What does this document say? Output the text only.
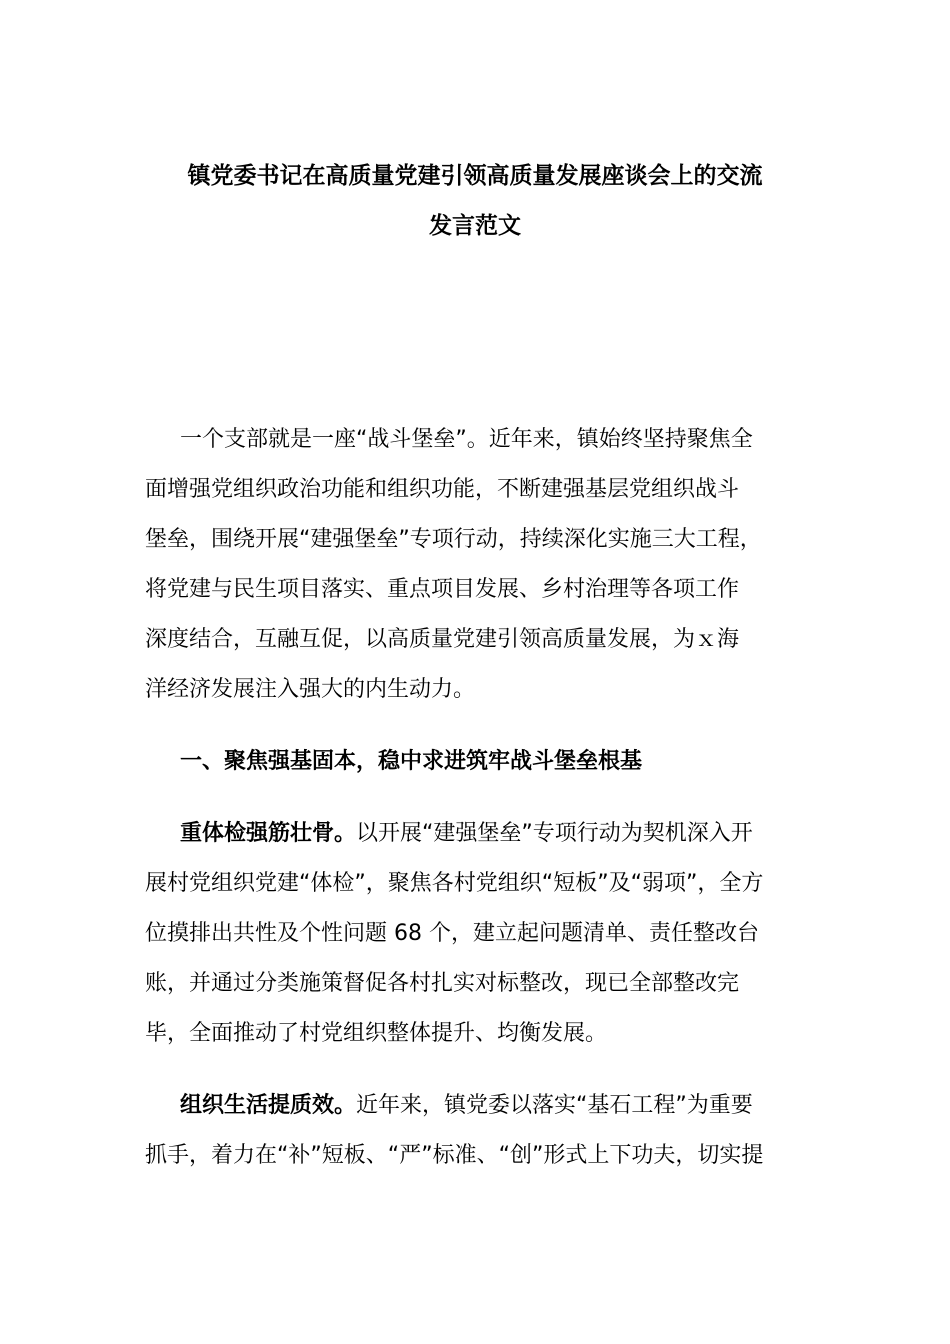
镇党委书记在高质量党建引领高质量发展座谈会上的交流
发言范文
一个支部就是一座“战斗堡垒”。近年来，镇始终坚持聚焦全
面增强党组织政治功能和组织功能，不断建强基层党组织战斗
堡垒，围绕开展“建强堡垒”专项行动，持续深化实施三大工程，
将党建与民生项目落实、重点项目发展、乡村治理等各项工作
深度结合，互融互促，以高质量党建引领高质量发展，为ｘ海
洋经济发展注入强大的内生动力。
一、聚焦强基固本，稳中求进筑牢战斗堡垒根基
重体检强筋壮骨。以开展“建强堡垒”专项行动为契机深入开
展村党组织党建“体检”，聚焦各村党组织“短板”及“弱项”，全方
位摸排出共性及个性问题 68 个，建立起问题清单、责任整改台
账，并通过分类施策督促各村扎实对标整改，现已全部整改完
毕，全面推动了村党组织整体提升、均衡发展。
组织生活提质效。近年来，镇党委以落实“基石工程”为重要
抓手，着力在“补”短板、“严”标准、“创”形式上下功夫，切实提
